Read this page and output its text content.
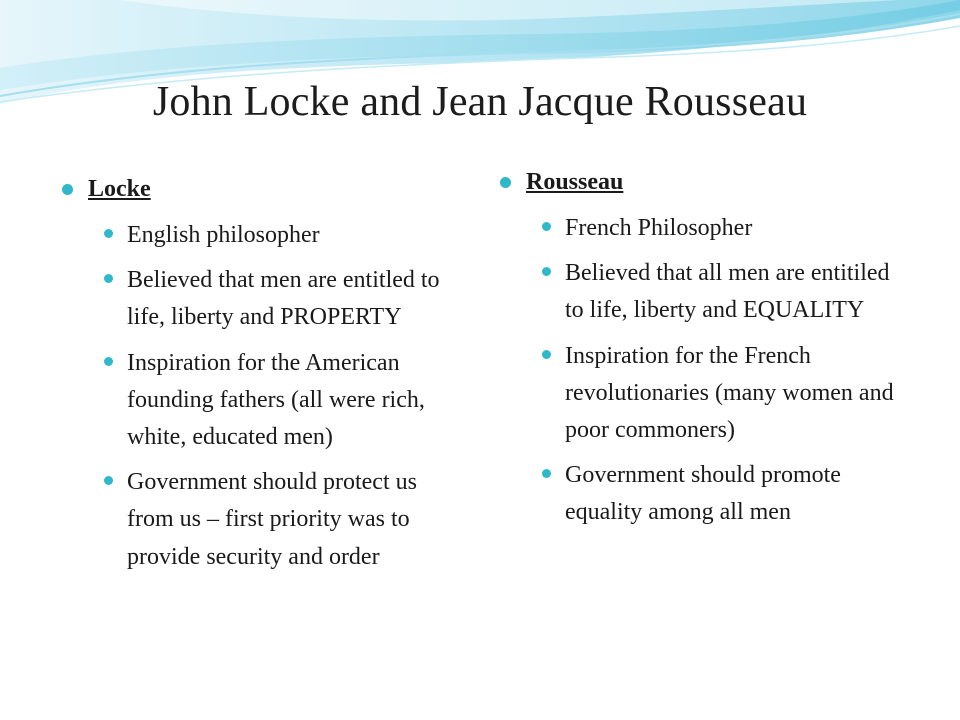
John Locke and Jean Jacque Rousseau
Locke
English philosopher
Believed that men are entitled to life, liberty and PROPERTY
Inspiration for the American founding fathers (all were rich, white, educated men)
Government should protect us from us – first priority was to provide security and order
Rousseau
French Philosopher
Believed that all men are entitiled to life, liberty and EQUALITY
Inspiration for the French revolutionaries (many women and poor commoners)
Government should promote equality among all men
